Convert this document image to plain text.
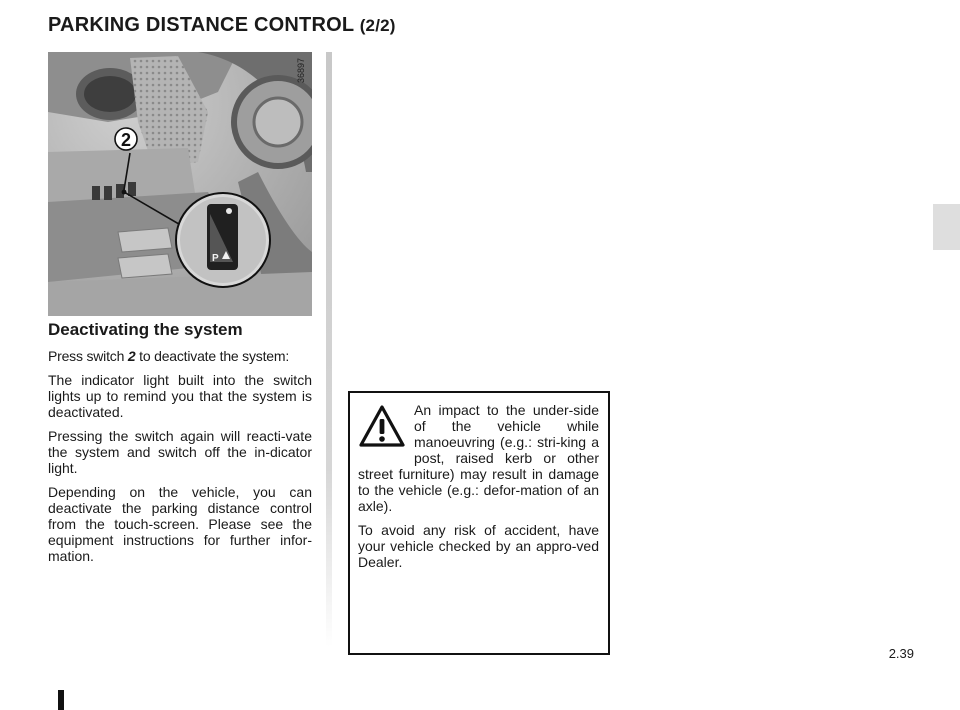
PARKING DISTANCE CONTROL (2/2)
2
P
36897
Deactivating the system

Press switch 2 to deactivate the system:

The indicator light built into the switch lights up to remind you that the system is deactivated.

Pressing the switch again will reacti-vate the system and switch off the in-dicator light.

Depending on the vehicle, you can deactivate the parking distance control from the touch-screen. Please see the equipment instructions for further infor-mation.

An impact to the under-side of the vehicle while manoeuvring (e.g.: stri-king a post, raised kerb or other street furniture) may result in damage to the vehicle (e.g.: defor-mation of an axle).

To avoid any risk of accident, have your vehicle checked by an appro-ved Dealer.

2.39
